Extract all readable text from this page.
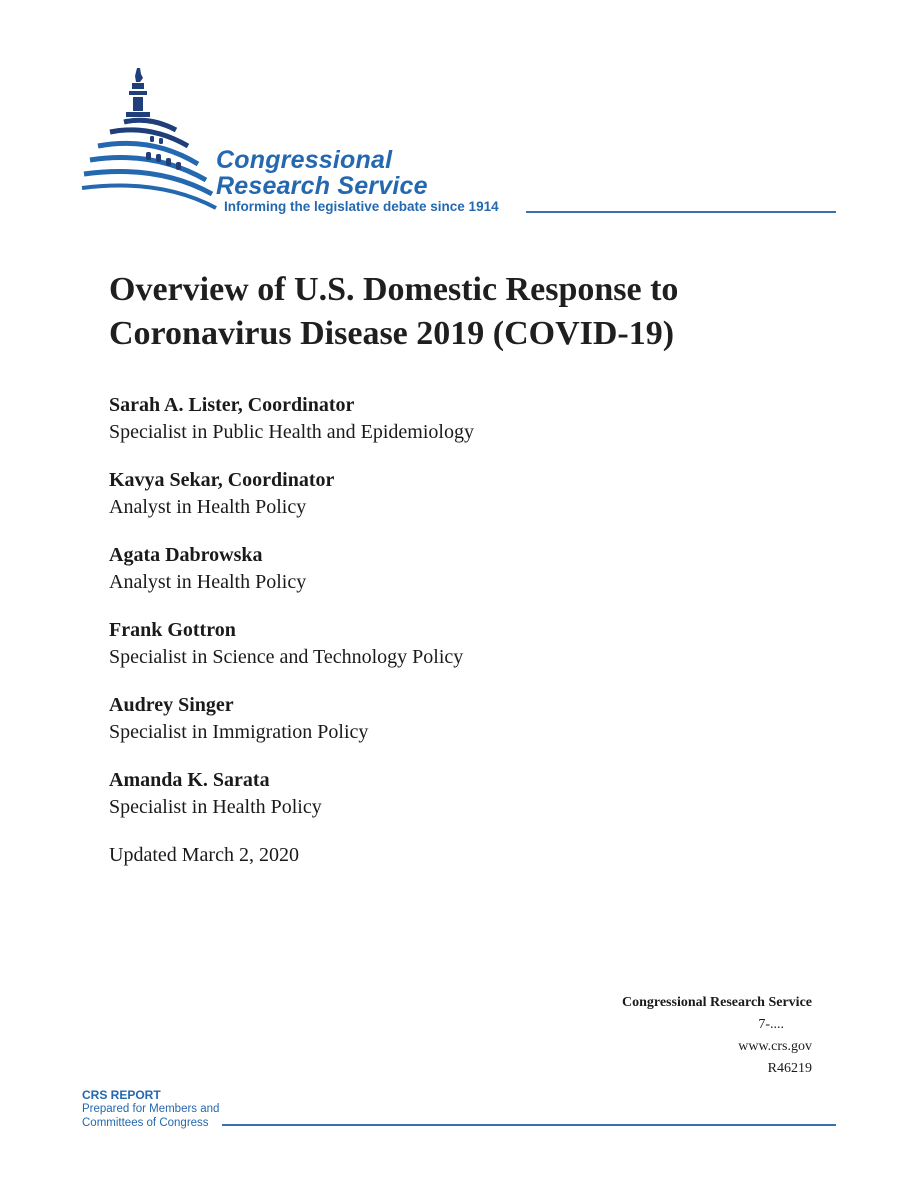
Congressional
Research Service
Informing the legislative debate since 1914
Overview of U.S. Domestic Response to Coronavirus Disease 2019 (COVID-19)
Sarah A. Lister, Coordinator
Specialist in Public Health and Epidemiology
Kavya Sekar, Coordinator
Analyst in Health Policy
Agata Dabrowska
Analyst in Health Policy
Frank Gottron
Specialist in Science and Technology Policy
Audrey Singer
Specialist in Immigration Policy
Amanda K. Sarata
Specialist in Health Policy
Updated March 2, 2020
Congressional Research Service
7-....
www.crs.gov
R46219
CRS REPORT
Prepared for Members and
Committees of Congress
